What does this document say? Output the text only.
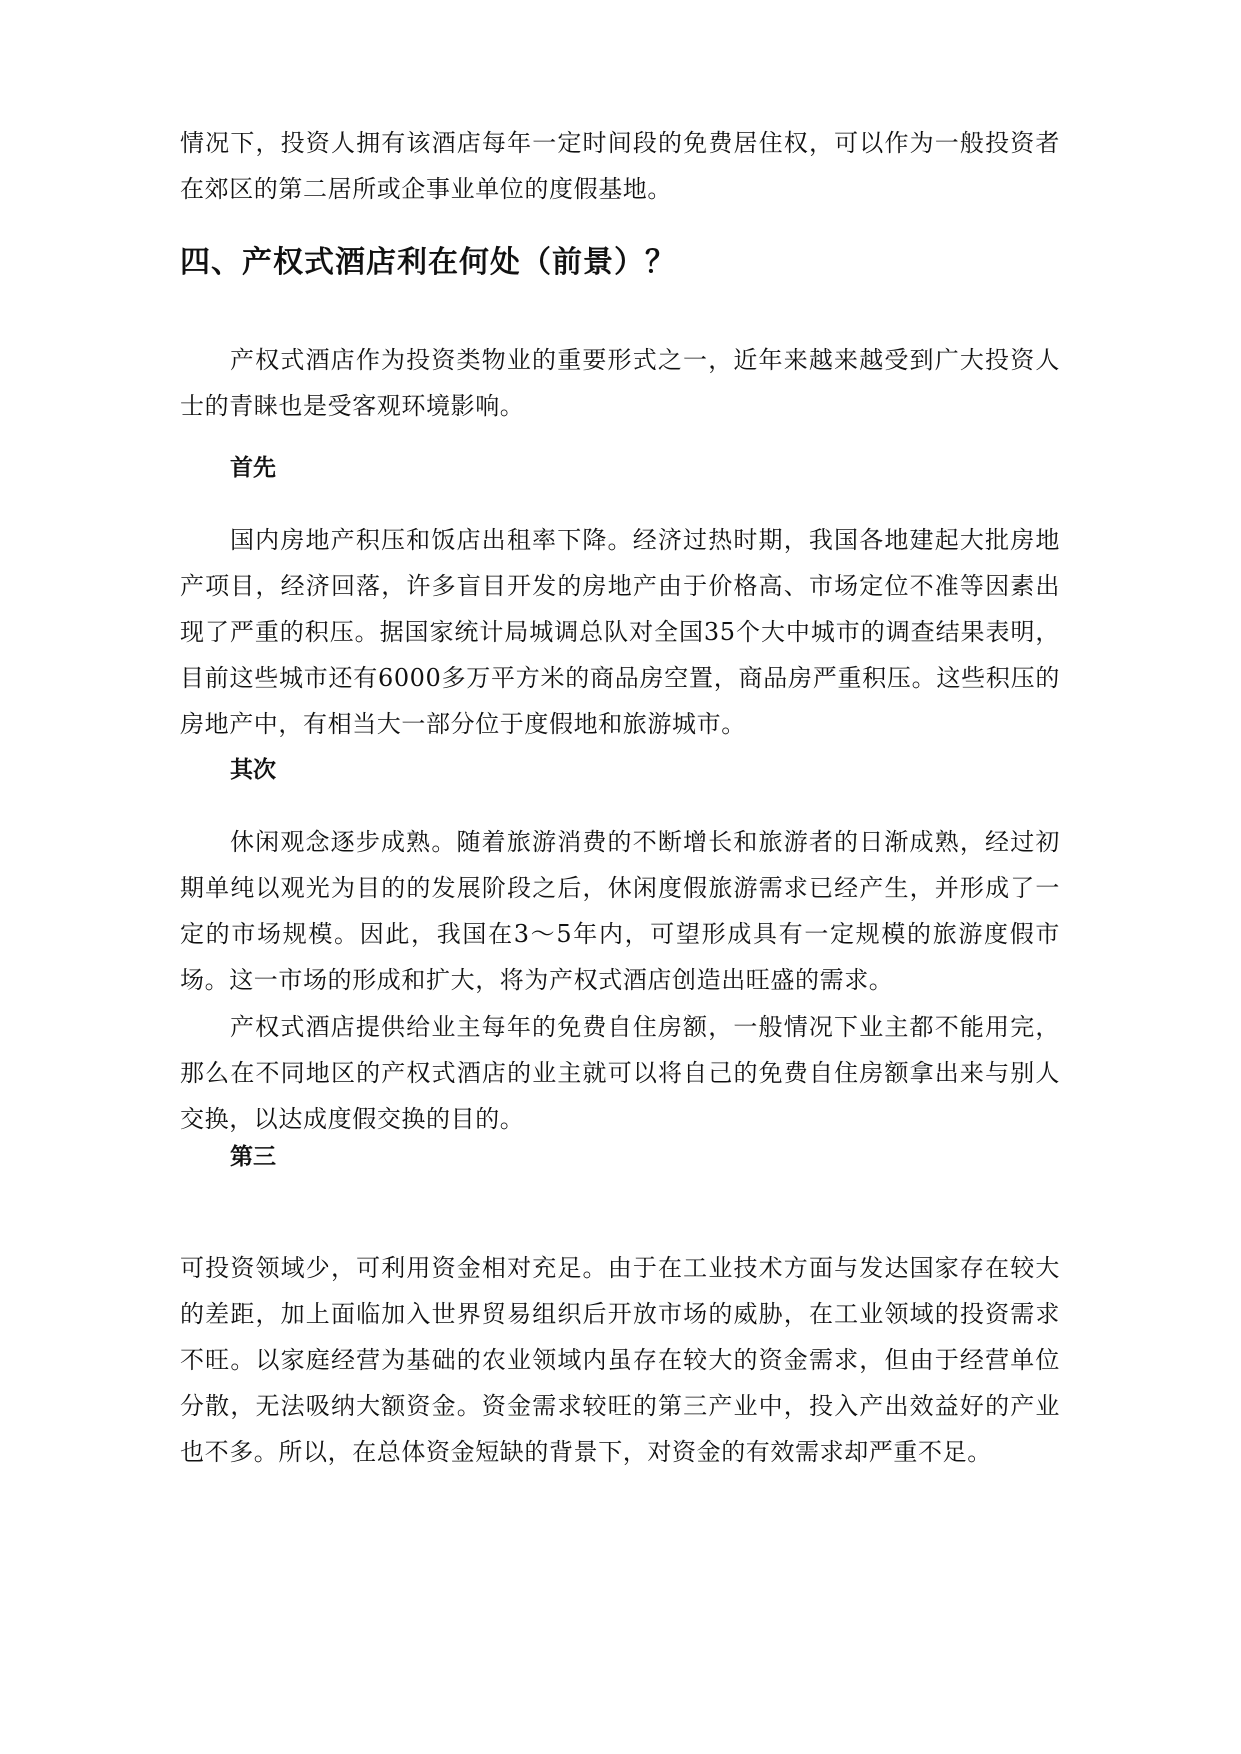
情况下，投资人拥有该酒店每年一定时间段的免费居住权，可以作为一般投资者在郊区的第二居所或企事业单位的度假基地。

四、产权式酒店利在何处（前景）？

产权式酒店作为投资类物业的重要形式之一，近年来越来越受到广大投资人士的青睐也是受客观环境影响。

首先

国内房地产积压和饭店出租率下降。经济过热时期，我国各地建起大批房地产项目，经济回落，许多盲目开发的房地产由于价格高、市场定位不准等因素出现了严重的积压。据国家统计局城调总队对全国35个大中城市的调查结果表明，目前这些城市还有6000多万平方米的商品房空置，商品房严重积压。这些积压的房地产中，有相当大一部分位于度假地和旅游城市。

其次

休闲观念逐步成熟。随着旅游消费的不断增长和旅游者的日渐成熟，经过初期单纯以观光为目的的发展阶段之后，休闲度假旅游需求已经产生，并形成了一定的市场规模。因此，我国在3～5年内，可望形成具有一定规模的旅游度假市场。这一市场的形成和扩大，将为产权式酒店创造出旺盛的需求。

产权式酒店提供给业主每年的免费自住房额，一般情况下业主都不能用完，那么在不同地区的产权式酒店的业主就可以将自己的免费自住房额拿出来与别人交换，以达成度假交换的目的。

第三

可投资领域少，可利用资金相对充足。由于在工业技术方面与发达国家存在较大的差距，加上面临加入世界贸易组织后开放市场的威胁，在工业领域的投资需求不旺。以家庭经营为基础的农业领域内虽存在较大的资金需求，但由于经营单位分散，无法吸纳大额资金。资金需求较旺的第三产业中，投入产出效益好的产业也不多。所以，在总体资金短缺的背景下，对资金的有效需求却严重不足。
